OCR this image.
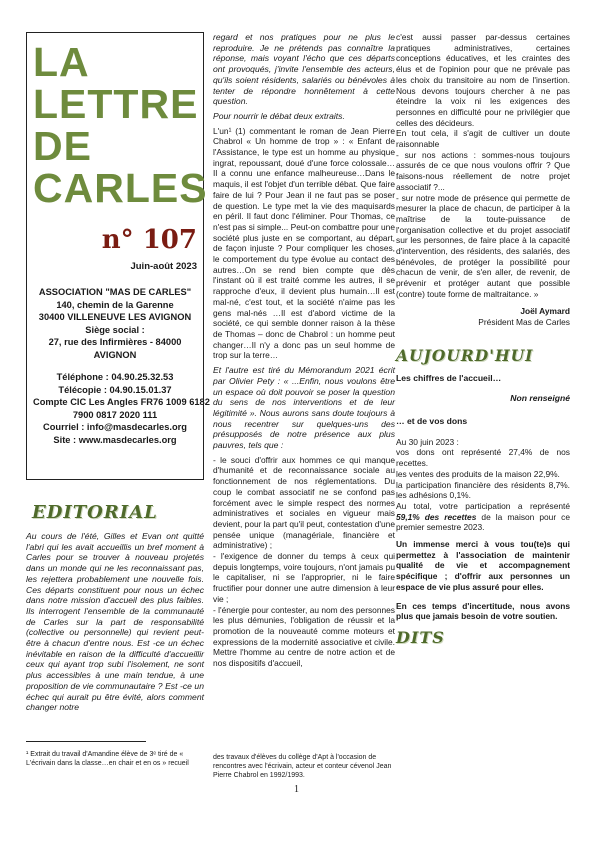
LA
LETTRE
DE
CARLES
n° 107
Juin-août 2023
ASSOCIATION "MAS DE CARLES"
140, chemin de la Garenne
30400 VILLENEUVE LES AVIGNON
Siège social :
27, rue des Infirmières - 84000
AVIGNON
Téléphone : 04.90.25.32.53
Télécopie : 04.90.15.01.37
Compte CIC Les Angles FR76 1009 6182
7900 0817 2020 111
Courriel : info@masdecarles.org
Site : www.masdecarles.org
EDITORIAL
Au cours de l'été, Gilles et Evan ont quitté l'abri qui les avait accueillis un bref moment à Carles pour se trouver à nouveau projetés dans un monde qui ne les reconnaissant pas, les rejettera probablement une nouvelle fois. Ces départs constituent pour nous un échec dans notre mission d'accueil des plus faibles. Ils interrogent l'ensemble de la communauté de Carles sur la part de responsabilité (collective ou personnelle) qui revient peut-être à chacun d'entre nous. Est -ce un échec inévitable en raison de la difficulté d'accueillir ceux qui ayant trop subi l'isolement, ne sont plus accessibles à une main tendue, à une proposition de vie communautaire ? Est -ce un échec qui aurait pu être évité, alors comment changer notre

regard et nos pratiques pour ne plus le reproduire. Je ne prétends pas connaître la réponse, mais voyant l'écho que ces départs ont provoqués, j'invite l'ensemble des acteurs, qu'ils soient résidents, salariés ou bénévoles à tenter de répondre honnêtement à cette question.

Pour nourrir le débat deux extraits.

L'un¹ (1) commentant le roman de Jean Pierre Chabrol « Un homme de trop » : « Enfant de l'Assistance, le type est un homme au physique ingrat, repoussant, doué d'une force colossale…Il a connu une enfance malheureuse…Dans le maquis, il est l'objet d'un terrible débat. Que faire faire de lui ? Pour Jean il ne faut pas se poser de question. Le type met la vie des maquisards en péril. Il faut donc l'éliminer. Pour Thomas, ce n'est pas si simple... Peut-on combattre pour une société plus juste en se comportant, au départ, de façon injuste ? Pour compliquer les choses, le comportement du type évolue au contact des autres…On se rend bien compte que dès l'instant où il est traité comme les autres, il se rapproche d'eux, il devient plus humain…Il est mal-né, c'est tout, et la société n'aime pas les gens mal-nés …Il est d'abord victime de la société, ce qui semble donner raison à la thèse de Thomas – donc de Chabrol : un homme peut changer…Il n'y a donc pas un seul homme de trop sur la terre…

Et l'autre est tiré du Mémorandum 2021 écrit par Olivier Pety : « ...Enfin, nous voulons être un espace où doit pouvoir se poser la question du sens de nos interventions et de leur légitimité ». Nous aurons sans doute toujours à nous recentrer sur quelques-uns des présupposés de notre présence aux plus pauvres, tels que :

- le souci d'offrir aux hommes ce qui manque d'humanité et de reconnaissance sociale au fonctionnement de nos réglementations. Du coup le combat associatif ne se confond pas forcément avec le simple respect des normes administratives et sociales en vigueur mais devient, pour la part qu'il peut, contestation d'une pensée unique (managériale, financière et administrative) ;

- l'exigence de donner du temps à ceux qui depuis longtemps, voire toujours, n'ont jamais pu le capitaliser, ni se l'approprier, ni le faire fructifier pour donner une autre dimension à leur vie ;

- l'énergie pour contester, au nom des personnes les plus démunies, l'obligation de réussir et la promotion de la nouveauté comme moteurs et expressions de la modernité associative et civile. Mettre l'homme au centre de notre action et de nos dispositifs d'accueil,

c'est aussi passer par-dessus certaines pratiques administratives, certaines conceptions éducatives, et les craintes des élus et de l'opinion pour que ne prévale pas les choix du transitoire au nom de l'insertion. Nous devons toujours chercher à ne pas éteindre la voix ni les exigences des personnes en difficulté pour ne privilégier que celles des décideurs.

En tout cela, il s'agit de cultiver un doute raisonnable

- sur nos actions : sommes-nous toujours assurés de ce que nous voulons offrir ? Que faisons-nous réellement de notre projet associatif ?...

- sur notre mode de présence qui permette de mesurer la place de chacun, de participer à la maîtrise de la toute-puissance de l'organisation collective et du projet associatif sur les personnes, de faire place à la capacité d'intervention, des résidents, des salariés, des bénévoles, de protéger la possibilité pour chacun de venir, de s'en aller, de revenir, de prévenir et protéger autant que possible (contre) toute forme de maltraitance. »

Joël Aymard
Président Mas de Carles
AUJOURD'HUI

Les chiffres de l'accueil…

Non renseigné

… et de vos dons

Au 30 juin 2023 :

vos dons ont représenté 27,4% de nos recettes.

les ventes des produits de la maison 22,9%.

la participation financière des résidents 8,7%. les adhésions 0,1%.

Au total, votre participation a représenté 59,1% des recettes de la maison pour ce premier semestre 2023.

Un immense merci à vous tou(te)s qui permettez à l'association de maintenir qualité de vie et accompagnement spécifique ; d'offrir aux personnes un espace de vie plus assuré pour elles.

En ces temps d'incertitude, nous avons plus que jamais besoin de votre soutien.

DITS
¹ Extrait du travail d'Amandine élève de 3ᵉ tiré de « L'écrivain dans la classe…en chair et en os » recueil
des travaux d'élèves du collège d'Apt à l'occasion de rencontres avec l'écrivain, acteur et conteur cévenol Jean Pierre Chabrol en 1992/1993.
1
